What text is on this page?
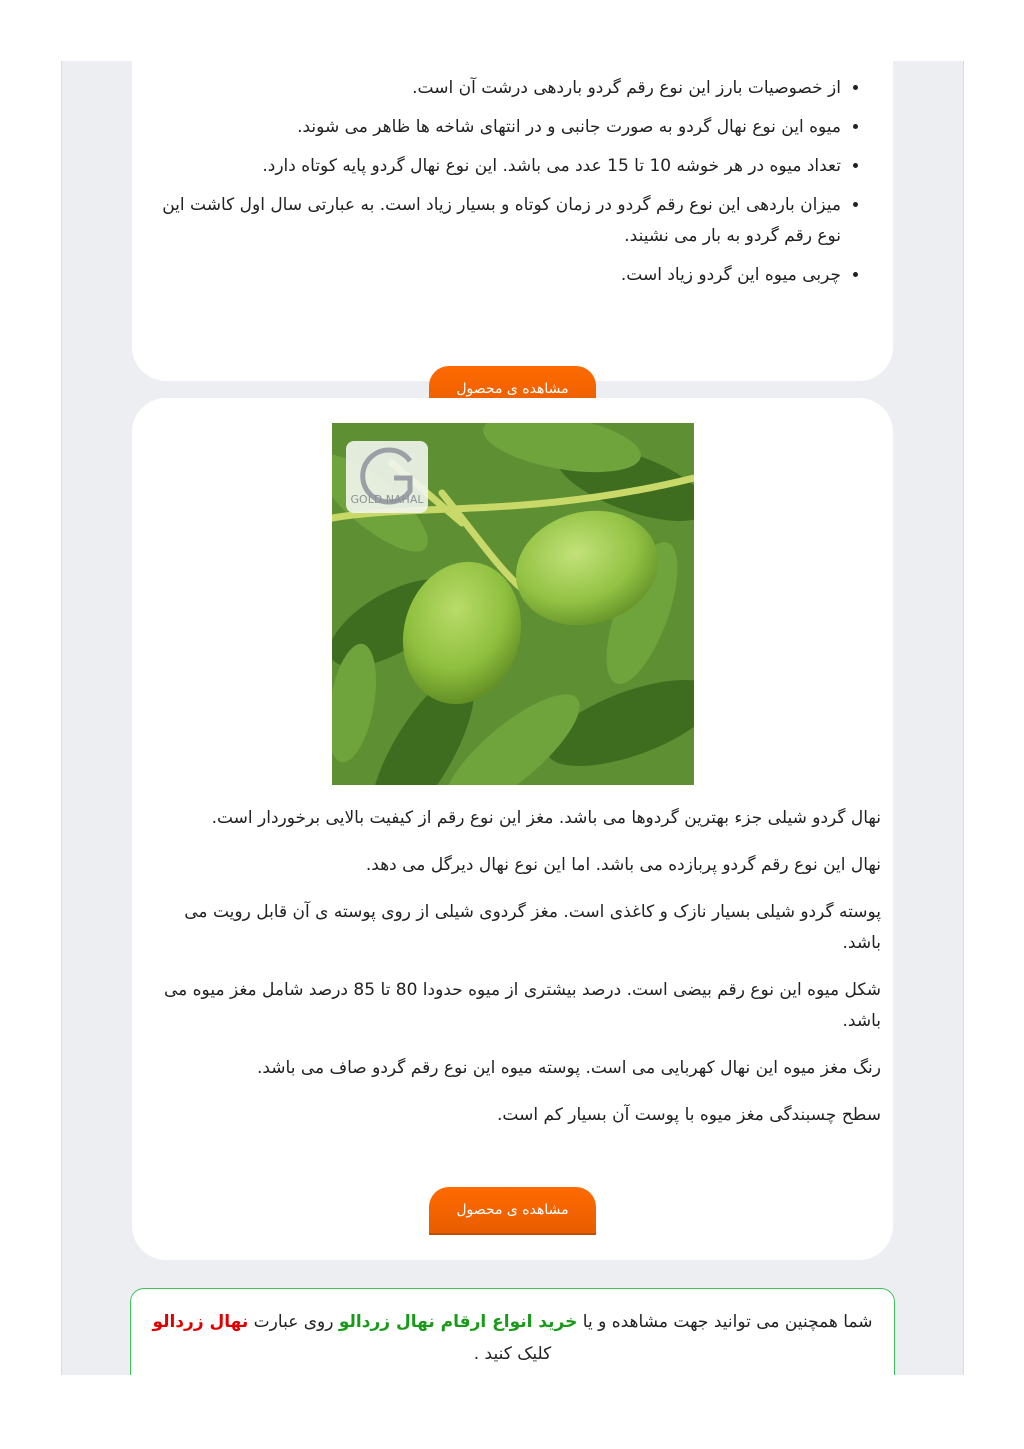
• از خصوصیات بارز این نوع رقم گردو باردهی درشت آن است.
• میوه این نوع نهال گردو به صورت جانبی و در انتهای شاخه ها ظاهر می شوند.
• تعداد میوه در هر خوشه 10 تا 15 عدد می باشد. این نوع نهال گردو پایه کوتاه دارد.
• میزان باردهی این نوع رقم گردو در زمان کوتاه و بسیار زیاد است. به عبارتی سال اول کاشت این نوع رقم گردو به بار می نشیند.
• چربی میوه این گردو زیاد است.
مشاهده ی محصول
GOLD NAHAL

نهال گردو شیلی جزء بهترین گردوها می باشد. مغز این نوع رقم از کیفیت بالایی برخوردار است.

نهال این نوع رقم گردو پربازده می باشد. اما این نوع نهال دیرگل می دهد.

پوسته گردو شیلی بسیار نازک و کاغذی است. مغز گردوی شیلی از روی پوسته ی آن قابل رویت می باشد.

شکل میوه این نوع رقم بیضی است. درصد بیشتری از میوه حدودا 80 تا 85 درصد شامل مغز میوه می باشد.

رنگ مغز میوه این نهال کهربایی می است. پوسته میوه این نوع رقم گردو صاف می باشد.

سطح چسبندگی مغز میوه با پوست آن بسیار کم است.

مشاهده ی محصول
شما همچنین می توانید جهت مشاهده و یا خرید انواع ارقام نهال زردالو روی عبارت نهال زردالو کلیک کنید .
